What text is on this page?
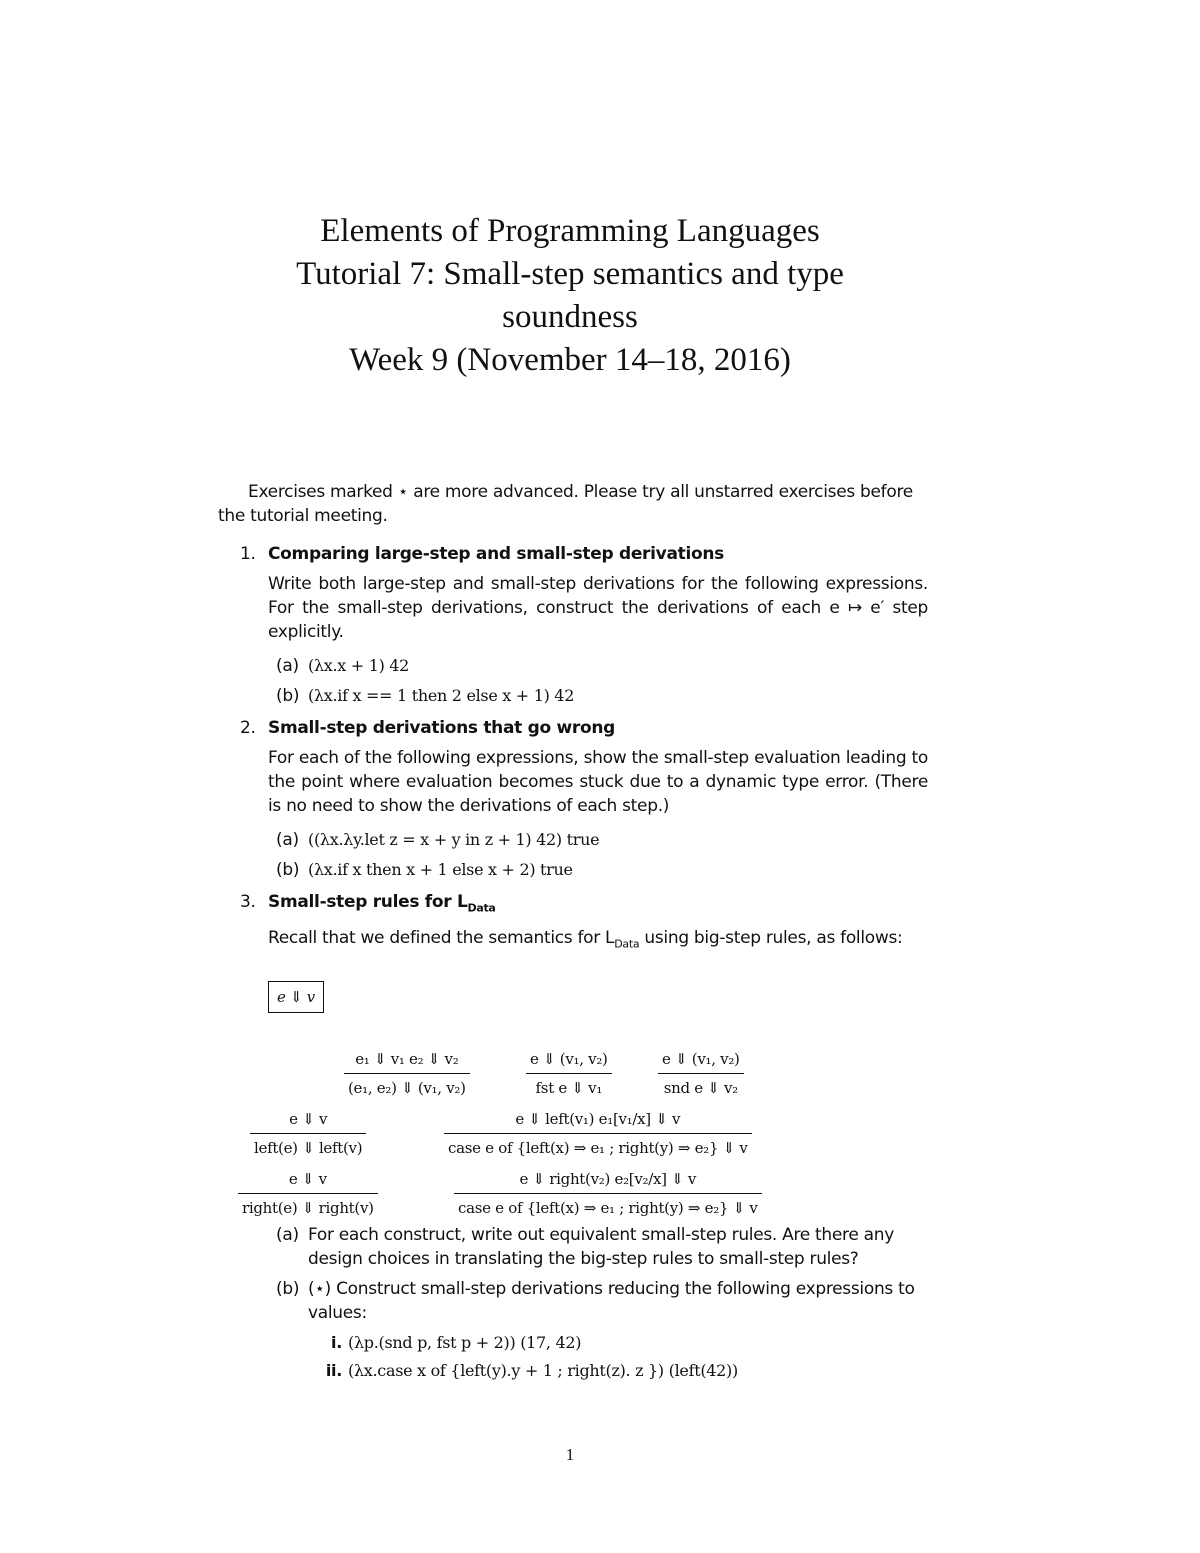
Elements of Programming Languages
Tutorial 7: Small-step semantics and type
soundness
Week 9 (November 14–18, 2016)

Exercises marked ⋆ are more advanced. Please try all unstarred exercises before the tutorial meeting.

1. Comparing large-step and small-step derivations
Write both large-step and small-step derivations for the following expressions. For the small-step derivations, construct the derivations of each e ↦ e′ step explicitly.
(a) (λx.x + 1) 42
(b) (λx.if x == 1 then 2 else x + 1) 42
2. Small-step derivations that go wrong
For each of the following expressions, show the small-step evaluation leading to the point where evaluation becomes stuck due to a dynamic type error. (There is no need to show the derivations of each step.)
(a) ((λx.λy.let z = x + y in z + 1) 42) true
(b) (λx.if x then x + 1 else x + 2) true
3. Small-step rules for $L_{Data}$
Recall that we defined the semantics for $L_{Data}$ using big-step rules, as follows:
e ⇓ v
e₁ ⇓ v₁ e₂ ⇓ v₂
(e₁, e₂) ⇓ (v₁, v₂)
e ⇓ (v₁, v₂)
fst e ⇓ v₁
e ⇓ (v₁, v₂)
snd e ⇓ v₂
e ⇓ v
left(e) ⇓ left(v)
e ⇓ left(v₁) e₁[v₁/x] ⇓ v
case e of {left(x) ⇒ e₁ ; right(y) ⇒ e₂} ⇓ v
e ⇓ v
right(e) ⇓ right(v)
e ⇓ right(v₂) e₂[v₂/x] ⇓ v
case e of {left(x) ⇒ e₁ ; right(y) ⇒ e₂} ⇓ v
(a) For each construct, write out equivalent small-step rules. Are there any design choices in translating the big-step rules to small-step rules?
(b) (⋆) Construct small-step derivations reducing the following expressions to values:
i. (λp.(snd p, fst p + 2)) (17, 42)
ii. (λx.case x of {left(y).y + 1 ; right(z). z }) (left(42))
1
